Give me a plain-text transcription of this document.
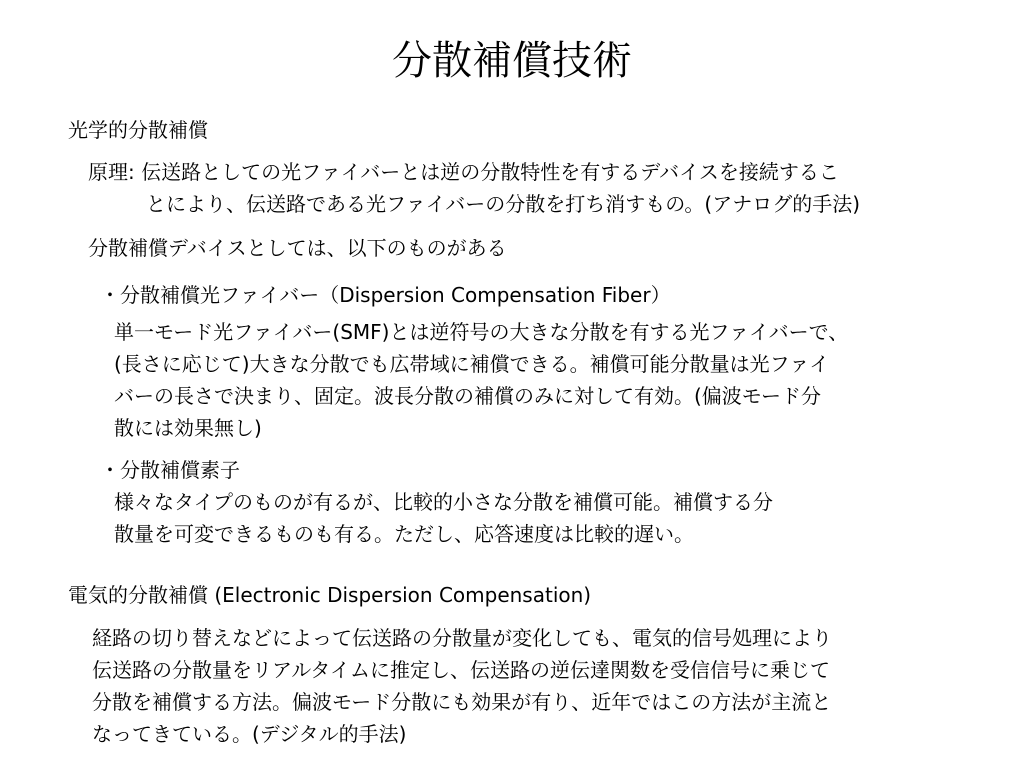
分散補償技術
光学的分散補償
原理: 伝送路としての光ファイバーとは逆の分散特性を有するデバイスを接続するこ
とにより、伝送路である光ファイバーの分散を打ち消すもの。(アナログ的手法)
分散補償デバイスとしては、以下のものがある
・分散補償光ファイバー（Dispersion Compensation Fiber）
単一モード光ファイバー(SMF)とは逆符号の大きな分散を有する光ファイバーで、
(長さに応じて)大きな分散でも広帯域に補償できる。補償可能分散量は光ファイ
バーの長さで決まり、固定。波長分散の補償のみに対して有効。(偏波モード分
散には効果無し)
・分散補償素子
様々なタイプのものが有るが、比較的小さな分散を補償可能。補償する分
散量を可変できるものも有る。ただし、応答速度は比較的遅い。
電気的分散補償 (Electronic Dispersion Compensation)
経路の切り替えなどによって伝送路の分散量が変化しても、電気的信号処理により
伝送路の分散量をリアルタイムに推定し、伝送路の逆伝達関数を受信信号に乗じて
分散を補償する方法。偏波モード分散にも効果が有り、近年ではこの方法が主流と
なってきている。(デジタル的手法)
